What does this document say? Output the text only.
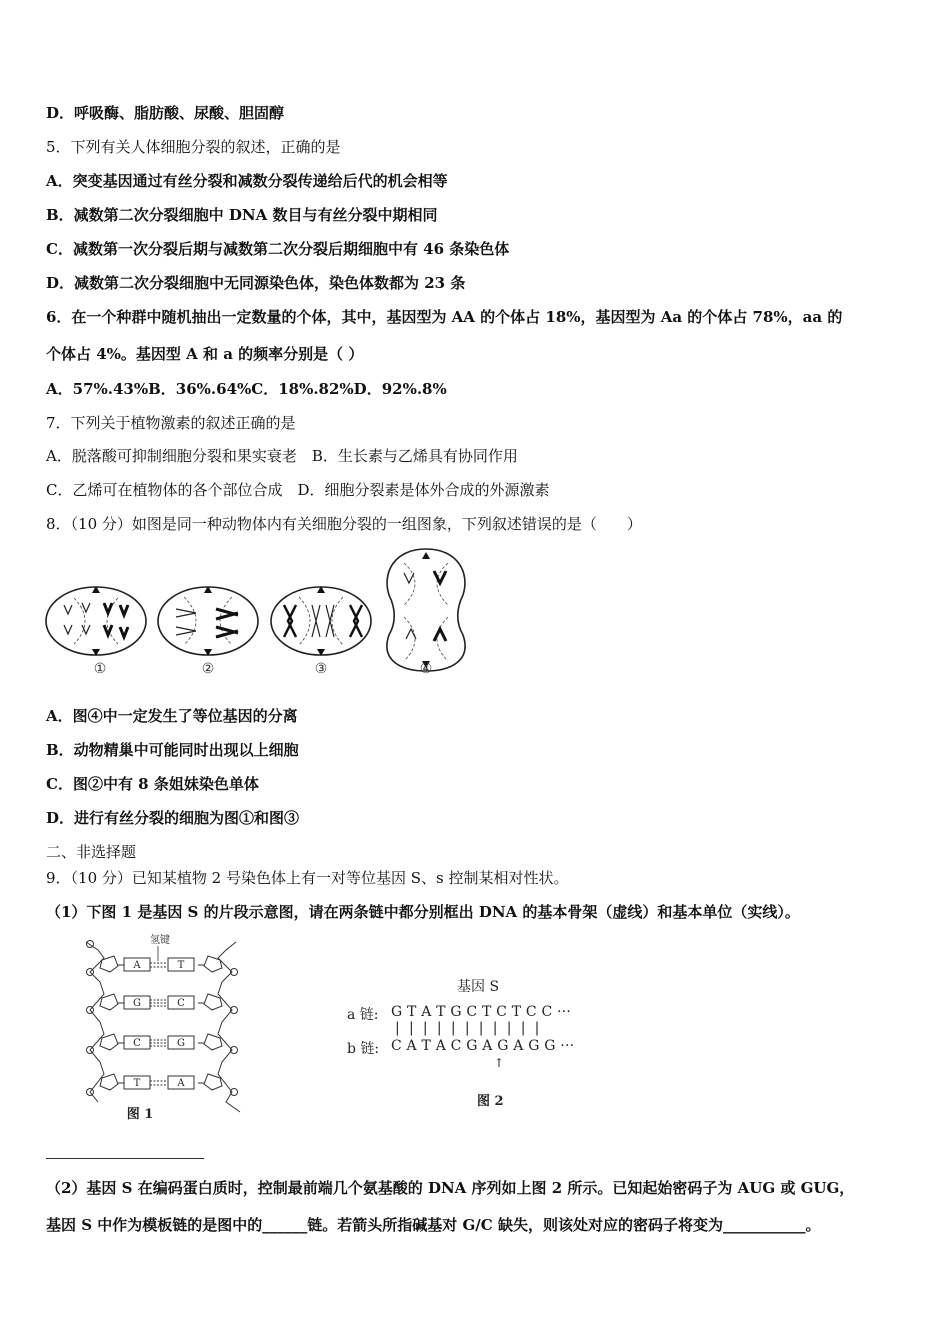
D．呼吸酶、脂肪酸、尿酸、胆固醇
5．下列有关人体细胞分裂的叙述，正确的是
A．突变基因通过有丝分裂和减数分裂传递给后代的机会相等
B．减数第二次分裂细胞中 DNA 数目与有丝分裂中期相同
C．减数第一次分裂后期与减数第二次分裂后期细胞中有 46 条染色体
D．减数第二次分裂细胞中无同源染色体，染色体数都为 23 条
6．在一个种群中随机抽出一定数量的个体，其中，基因型为 AA 的个体占 18%，基因型为 Aa 的个体占 78%，aa 的
个体占 4%。基因型 A 和 a 的频率分别是（ ）
A．57%.43%B．36%.64%C．18%.82%D．92%.8%
7．下列关于植物激素的叙述正确的是
A．脱落酸可抑制细胞分裂和果实衰老　B．生长素与乙烯具有协同作用
C．乙烯可在植物体的各个部位合成　D．细胞分裂素是体外合成的外源激素
8．（10 分）如图是同一种动物体内有关细胞分裂的一组图象，下列叙述错误的是（　　）
①	②	③	④
A．图④中一定发生了等位基因的分离
B．动物精巢中可能同时出现以上细胞
C．图②中有 8 条姐妹染色单体
D．进行有丝分裂的细胞为图①和图③
二、非选择题
9．（10 分）已知某植物 2 号染色体上有一对等位基因 S、s 控制某相对性状。
（1）下图 1 是基因 S 的片段示意图，请在两条链中都分别框出 DNA 的基本骨架（虚线）和基本单位（实线）。
氢键
A	T
G	C
C	G
T	A
图 1
基因 S
a 链: G T A T G C T C T C C ···
| | | | | | | | | | |
b 链: C A T A C G A G A G G ···
↑
图 2
（2）基因 S 在编码蛋白质时，控制最前端几个氨基酸的 DNA 序列如上图 2 所示。已知起始密码子为 AUG 或 GUG，
基因 S 中作为模板链的是图中的______链。若箭头所指碱基对 G/C 缺失，则该处对应的密码子将变为___________。
